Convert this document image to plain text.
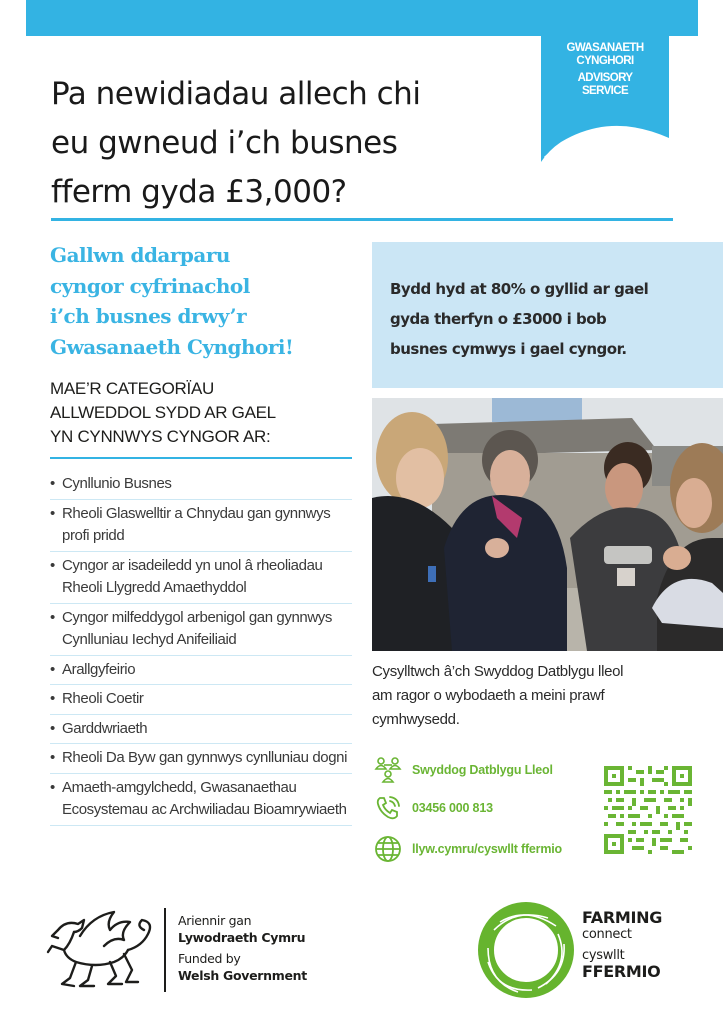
GWASANAETH
CYNGHORI
ADVISORY
SERVICE
Pa newidiadau allech chi
eu gwneud i’ch busnes
fferm gyda £3,000?
Gallwn ddarparu
cyngor cyfrinachol
i’ch busnes drwy’r
Gwasanaeth Cynghori!
MAE’R CATEGORÏAU
ALLWEDDOL SYDD AR GAEL
YN CYNNWYS CYNGOR AR:
• Cynllunio Busnes
• Rheoli Glaswelltir a Chnydau gan gynnwys profi pridd
• Cyngor ar isadeiledd yn unol â rheoliadau Rheoli Llygredd Amaethyddol
• Cyngor milfeddygol arbenigol gan gynnwys Cynlluniau Iechyd Anifeiliaid
• Arallgyfeirio
• Rheoli Coetir
• Garddwriaeth
• Rheoli Da Byw gan gynnwys cynlluniau dogni
• Amaeth-amgylchedd, Gwasanaethau Ecosystemau ac Archwiliadau Bioamrywiaeth
Bydd hyd at 80% o gyllid ar gael
gyda therfyn o £3000 i bob
busnes cymwys i gael cyngor.
Cysylltwch â’ch Swyddog Datblygu lleol
am ragor o wybodaeth a meini prawf
cymhwysedd.
Swyddog Datblygu Lleol
03456 000 813
llyw.cymru/cyswllt ffermio
Ariennir gan
Lywodraeth Cymru
Funded by
Welsh Government
FARMING
connect
cyswllt
FFERMIO
